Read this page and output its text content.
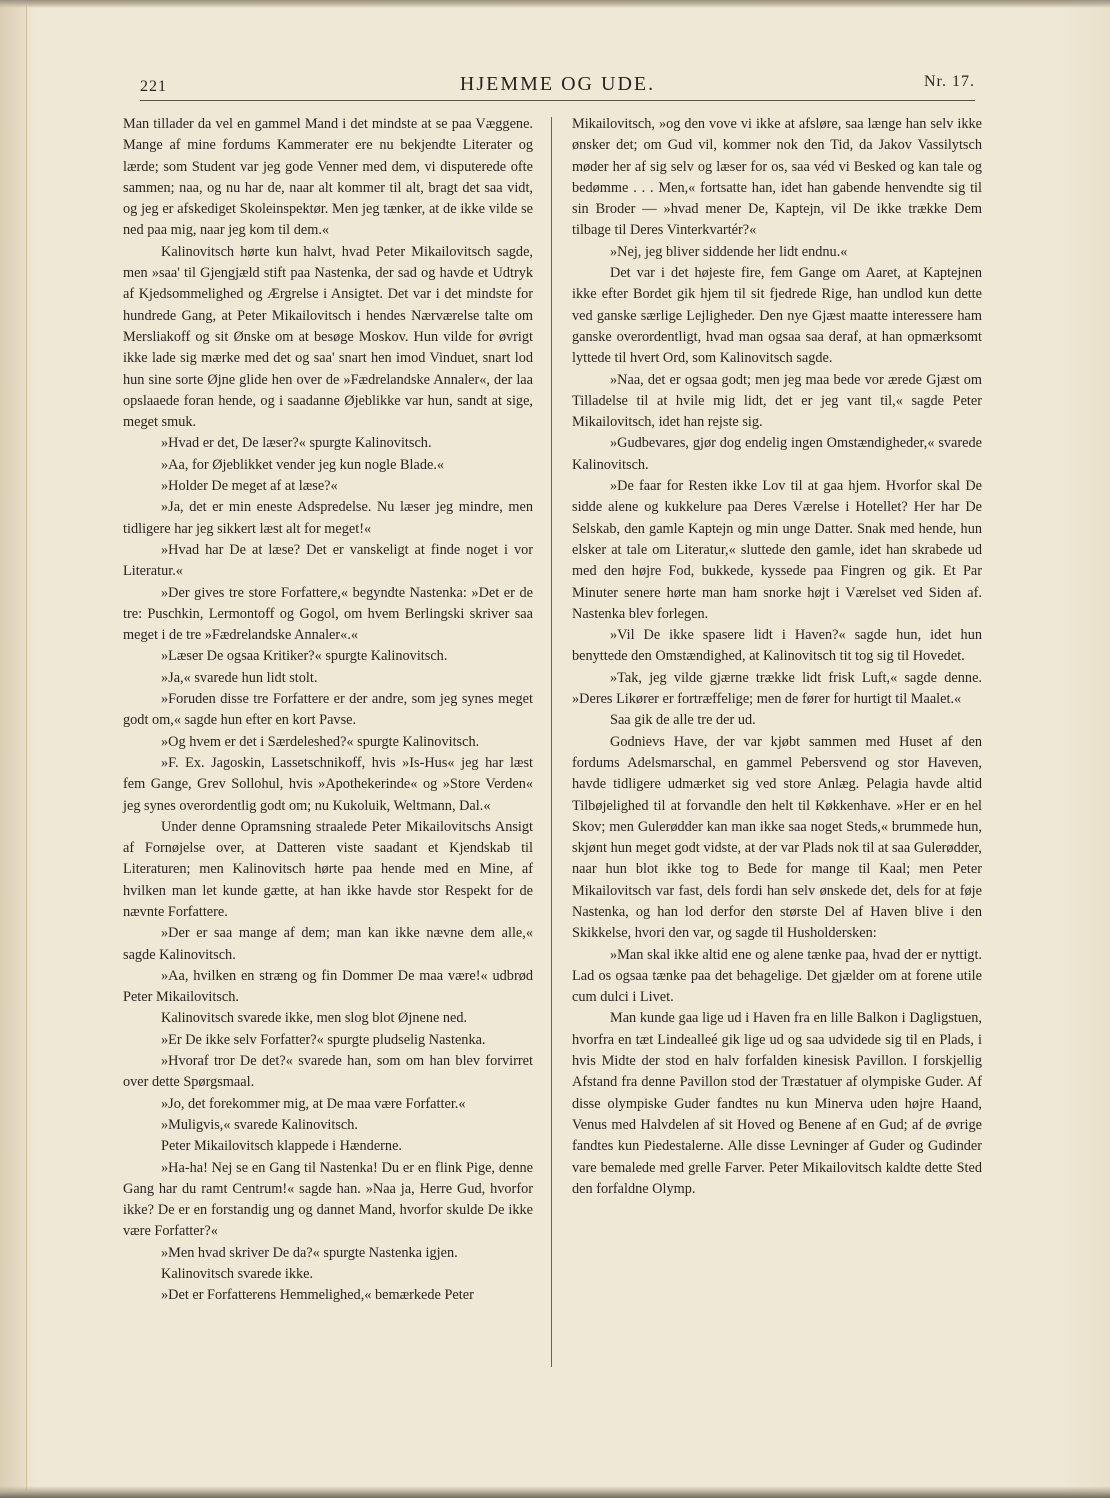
221	HJEMME OG UDE.	Nr. 17.

Man tillader da vel en gammel Mand i det mindste at se paa Væggene. Mange af mine fordums Kammerater ere nu bekjendte Literater og lærde; som Student var jeg gode Venner med dem, vi disputerede ofte sammen; naa, og nu har de, naar alt kommer til alt, bragt det saa vidt, og jeg er afskediget Skoleinspektør. Men jeg tænker, at de ikke vilde se ned paa mig, naar jeg kom til dem.«

Kalinovitsch hørte kun halvt, hvad Peter Mikailovitsch sagde, men »saa' til Gjengjæld stift paa Nastenka, der sad og havde et Udtryk af Kjedsommelighed og Ærgrelse i Ansigtet. Det var i det mindste for hundrede Gang, at Peter Mikailovitsch i hendes Nærværelse talte om Mersliakoff og sit Ønske om at besøge Moskov. Hun vilde for øvrigt ikke lade sig mærke med det og saa' snart hen imod Vinduet, snart lod hun sine sorte Øjne glide hen over de »Fædrelandske Annaler«, der laa opslaaede foran hende, og i saadanne Øjeblikke var hun, sandt at sige, meget smuk.

»Hvad er det, De læser?« spurgte Kalinovitsch.

»Aa, for Øjeblikket vender jeg kun nogle Blade.«

»Holder De meget af at læse?«

»Ja, det er min eneste Adspredelse. Nu læser jeg mindre, men tidligere har jeg sikkert læst alt for meget!«

»Hvad har De at læse? Det er vanskeligt at finde noget i vor Literatur.«

»Der gives tre store Forfattere,« begyndte Nastenka: »Det er de tre: Puschkin, Lermontoff og Gogol, om hvem Berlingski skriver saa meget i de tre »Fædrelandske Annaler«.«

»Læser De ogsaa Kritiker?« spurgte Kalinovitsch.

»Ja,« svarede hun lidt stolt.

»Foruden disse tre Forfattere er der andre, som jeg synes meget godt om,« sagde hun efter en kort Pavse.

»Og hvem er det i Særdeleshed?« spurgte Kalinovitsch.

»F. Ex. Jagoskin, Lassetschnikoff, hvis »Is-Hus« jeg har læst fem Gange, Grev Sollohul, hvis »Apothekerinde« og »Store Verden« jeg synes overordentlig godt om; nu Kukoluik, Weltmann, Dal.«

Under denne Opramsning straalede Peter Mikailovitschs Ansigt af Fornøjelse over, at Datteren viste saadant et Kjendskab til Literaturen; men Kalinovitsch hørte paa hende med en Mine, af hvilken man let kunde gætte, at han ikke havde stor Respekt for de nævnte Forfattere.

»Der er saa mange af dem; man kan ikke nævne dem alle,« sagde Kalinovitsch.

»Aa, hvilken en stræng og fin Dommer De maa være!« udbrød Peter Mikailovitsch.

Kalinovitsch svarede ikke, men slog blot Øjnene ned.

»Er De ikke selv Forfatter?« spurgte pludselig Nastenka.

»Hvoraf tror De det?« svarede han, som om han blev forvirret over dette Spørgsmaal.

»Jo, det forekommer mig, at De maa være Forfatter.«

»Muligvis,« svarede Kalinovitsch.

Peter Mikailovitsch klappede i Hænderne.

»Ha-ha! Nej se en Gang til Nastenka! Du er en flink Pige, denne Gang har du ramt Centrum!« sagde han. »Naa ja, Herre Gud, hvorfor ikke? De er en forstandig ung og dannet Mand, hvorfor skulde De ikke være Forfatter?«

»Men hvad skriver De da?« spurgte Nastenka igjen.

Kalinovitsch svarede ikke.

»Det er Forfatterens Hemmelighed,« bemærkede Peter

Mikailovitsch, »og den vove vi ikke at afsløre, saa længe han selv ikke ønsker det; om Gud vil, kommer nok den Tid, da Jakov Vassilytsch møder her af sig selv og læser for os, saa véd vi Besked og kan tale og bedømme . . . Men,« fortsatte han, idet han gabende henvendte sig til sin Broder — »hvad mener De, Kaptejn, vil De ikke trække Dem tilbage til Deres Vinterkvartér?«

»Nej, jeg bliver siddende her lidt endnu.«

Det var i det højeste fire, fem Gange om Aaret, at Kaptejnen ikke efter Bordet gik hjem til sit fjedrede Rige, han undlod kun dette ved ganske særlige Lejligheder. Den nye Gjæst maatte interessere ham ganske overordentligt, hvad man ogsaa saa deraf, at han opmærksomt lyttede til hvert Ord, som Kalinovitsch sagde.

»Naa, det er ogsaa godt; men jeg maa bede vor ærede Gjæst om Tilladelse til at hvile mig lidt, det er jeg vant til,« sagde Peter Mikailovitsch, idet han rejste sig.

»Gudbevares, gjør dog endelig ingen Omstændigheder,« svarede Kalinovitsch.

»De faar for Resten ikke Lov til at gaa hjem. Hvorfor skal De sidde alene og kukkelure paa Deres Værelse i Hotellet? Her har De Selskab, den gamle Kaptejn og min unge Datter. Snak med hende, hun elsker at tale om Literatur,« sluttede den gamle, idet han skrabede ud med den højre Fod, bukkede, kyssede paa Fingren og gik. Et Par Minuter senere hørte man ham snorke højt i Værelset ved Siden af. Nastenka blev forlegen.

»Vil De ikke spasere lidt i Haven?« sagde hun, idet hun benyttede den Omstændighed, at Kalinovitsch tit tog sig til Hovedet.

»Tak, jeg vilde gjærne trække lidt frisk Luft,« sagde denne. »Deres Likører er fortræffelige; men de fører for hurtigt til Maalet.«

Saa gik de alle tre der ud.

Godnievs Have, der var kjøbt sammen med Huset af den fordums Adelsmarschal, en gammel Pebersvend og stor Haveven, havde tidligere udmærket sig ved store Anlæg. Pelagia havde altid Tilbøjelighed til at forvandle den helt til Køkkenhave. »Her er en hel Skov; men Gulerødder kan man ikke saa noget Steds,« brummede hun, skjønt hun meget godt vidste, at der var Plads nok til at saa Gulerødder, naar hun blot ikke tog to Bede for mange til Kaal; men Peter Mikailovitsch var fast, dels fordi han selv ønskede det, dels for at føje Nastenka, og han lod derfor den største Del af Haven blive i den Skikkelse, hvori den var, og sagde til Husholdersken:

»Man skal ikke altid ene og alene tænke paa, hvad der er nyttigt. Lad os ogsaa tænke paa det behagelige. Det gjælder om at forene utile cum dulci i Livet.

Man kunde gaa lige ud i Haven fra en lille Balkon i Dagligstuen, hvorfra en tæt Lindealleé gik lige ud og saa udvidede sig til en Plads, i hvis Midte der stod en halv forfalden kinesisk Pavillon. I forskjellig Afstand fra denne Pavillon stod der Træstatuer af olympiske Guder. Af disse olympiske Guder fandtes nu kun Minerva uden højre Haand, Venus med Halvdelen af sit Hoved og Benene af en Gud; af de øvrige fandtes kun Piedestalerne. Alle disse Levninger af Guder og Gudinder vare bemalede med grelle Farver. Peter Mikailovitsch kaldte dette Sted den forfaldne Olymp.
